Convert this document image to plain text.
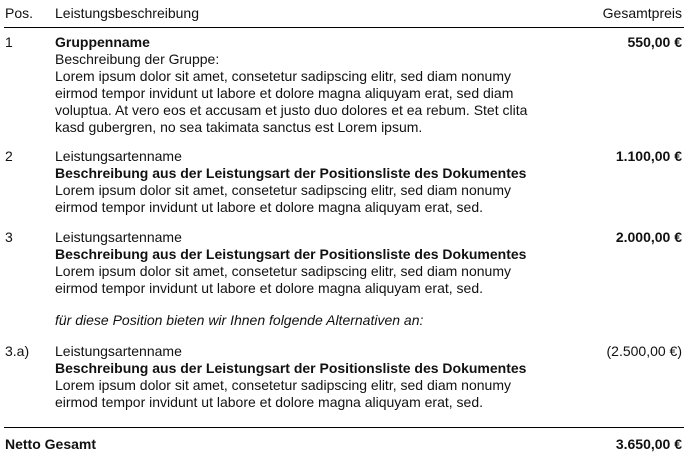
Pos. Leistungsbeschreibung	Gesamtpreis
1	Gruppenname
Beschreibung der Gruppe:
Lorem ipsum dolor sit amet, consetetur sadipscing elitr, sed diam nonumy
eirmod tempor invidunt ut labore et dolore magna aliquyam erat, sed diam
voluptua. At vero eos et accusam et justo duo dolores et ea rebum. Stet clita
kasd gubergren, no sea takimata sanctus est Lorem ipsum.
550,00 €
2	Leistungsartenname
Beschreibung aus der Leistungsart der Positionsliste des Dokumentes
Lorem ipsum dolor sit amet, consetetur sadipscing elitr, sed diam nonumy
eirmod tempor invidunt ut labore et dolore magna aliquyam erat, sed.
1.100,00 €
3	Leistungsartenname
Beschreibung aus der Leistungsart der Positionsliste des Dokumentes
Lorem ipsum dolor sit amet, consetetur sadipscing elitr, sed diam nonumy
eirmod tempor invidunt ut labore et dolore magna aliquyam erat, sed.
2.000,00 €
für diese Position bieten wir Ihnen folgende Alternativen an:
3.a) Leistungsartenname
Beschreibung aus der Leistungsart der Positionsliste des Dokumentes
Lorem ipsum dolor sit amet, consetetur sadipscing elitr, sed diam nonumy
eirmod tempor invidunt ut labore et dolore magna aliquyam erat, sed.
(2.500,00 €)
Netto Gesamt	3.650,00 €
